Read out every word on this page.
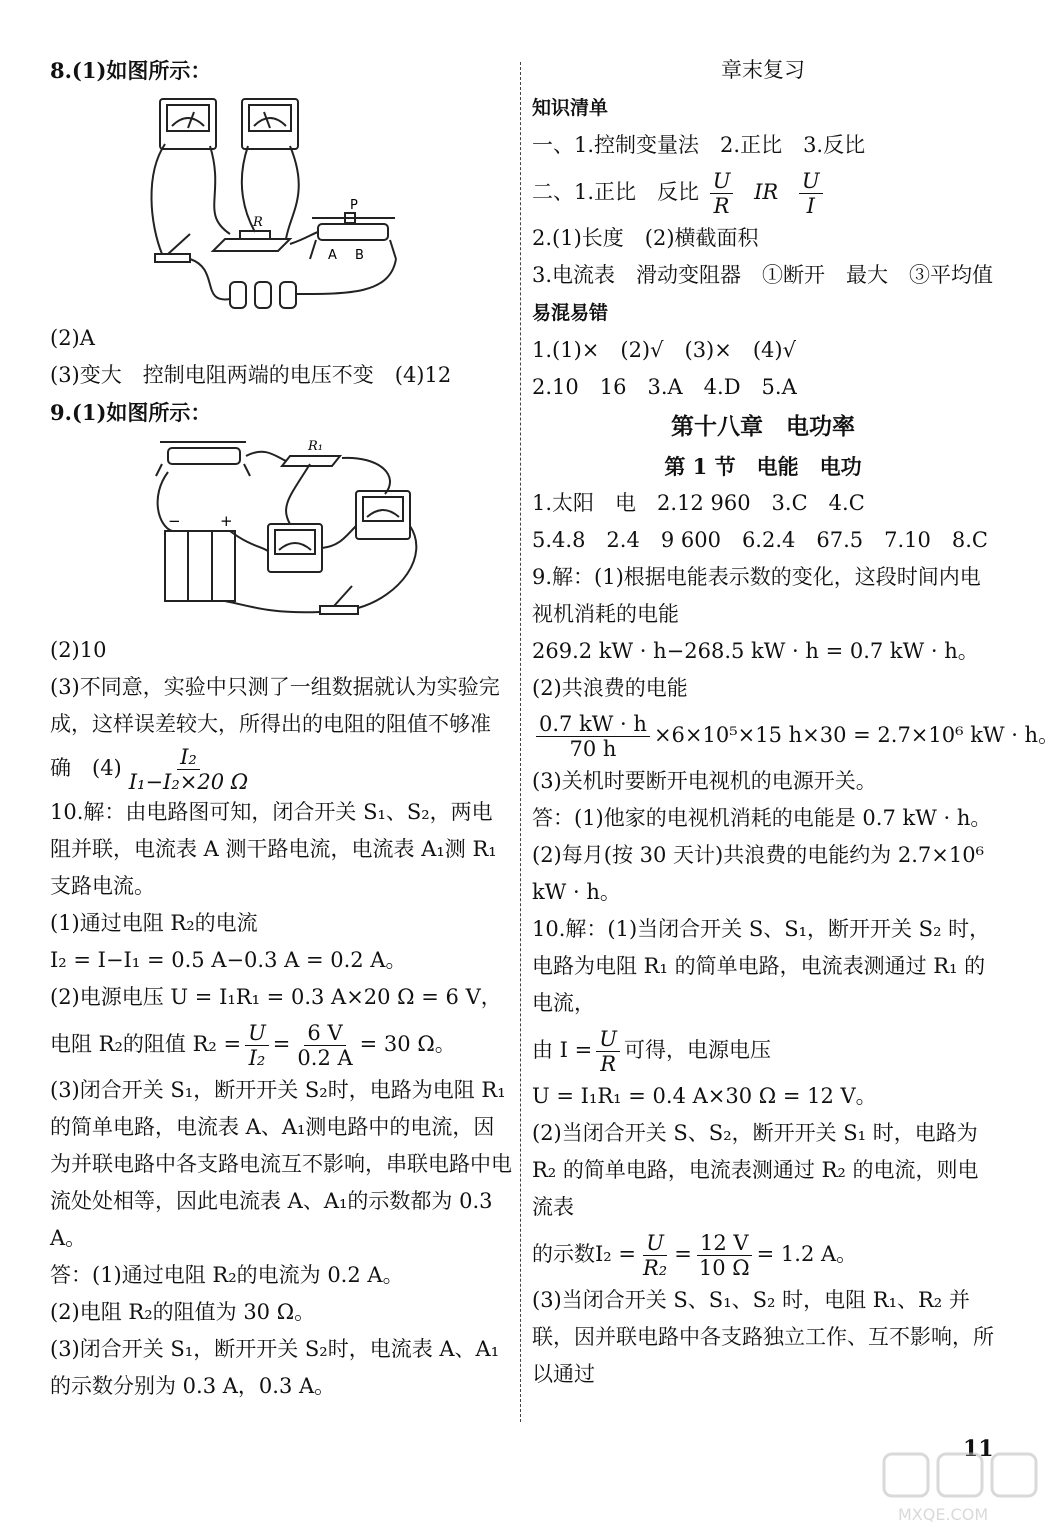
8.(1)如图所示：
P
R
A B
(2)A
(3)变大　控制电阻两端的电压不变　(4)12
9.(1)如图所示：
R₁
−	+
(2)10
(3)不同意，实验中只测了一组数据就认为实验完成，这样误差较大，所得出的电阻的阻值不够准
确　$(4) \frac{\text{I₂}}{\text{I₁−I₂×20 Ω}}$
10.解：由电路图可知，闭合开关 S₁、S₂，两电阻并联，电流表 A 测干路电流，电流表 A₁测 R₁ 支路电流。
(1)通过电阻 R₂的电流
I₂ = I−I₁ = 0.5 A−0.3 A = 0.2 A。
(2)电源电压 U = I₁R₁ = 0.3 A×20 Ω = 6 V，
电阻 R₂的阻值 $R_2 = \frac{U}{\text{I₂}} = \frac{6 V}{0.2 A} = 30$ Ω。
(3)闭合开关 S₁，断开开关 S₂时，电路为电阻 R₁的简单电路，电流表 A、A₁测电路中的电流，因为并联电路中各支路电流互不影响，串联电路中电流处处相等，因此电流表 A、A₁的示数都为 0.3 A。
答：(1)通过电阻 R₂的电流为 0.2 A。
(2)电阻 R₂的阻值为 30 Ω。
(3)闭合开关 S₁，断开开关 S₂时，电流表 A、A₁的示数分别为 0.3 A，0.3 A。
章末复习
知识清单
一、1.控制变量法　2.正比　3.反比
二、1.正比　反比 $\frac{U}{R}$ IR $\frac{U}{I}$
2.(1)长度　(2)横截面积
3.电流表　滑动变阻器　①断开　最大　③平均值
易混易错
1.(1)×　(2)√　(3)×　(4)√
2.10　16　3.A　4.D　5.A
第十八章　电功率
第 1 节　电能　电功
1.太阳　电　2.12 960　3.C　4.C
5.4.8　2.4　9 600　6.2.4　67.5　7.10　8.C
9.解：(1)根据电能表示数的变化，这段时间内电视机消耗的电能
269.2 kW · h−268.5 kW · h = 0.7 kW · h。
(2)共浪费的电能
$\frac{0.7 kW \cdot h}{70 h} \times 6\times 10^5\times 15$ h×30 = 2.7×10⁶ kW · h。
(3)关机时要断开电视机的电源开关。
答：(1)他家的电视机消耗的电能是 0.7 kW · h。
(2)每月(按 30 天计)共浪费的电能约为 2.7×10⁶ kW · h。
10.解：(1)当闭合开关 S、S₁，断开开关 S₂ 时，电路为电阻 R₁ 的简单电路，电流表测通过 R₁ 的电流，
由 $I = \frac{U}{R}$ 可得，电源电压
U = I₁R₁ = 0.4 A×30 Ω = 12 V。
(2)当闭合开关 S、S₂，断开开关 S₁ 时，电路为 R₂ 的简单电路，电流表测通过 R₂ 的电流，则电流表
的示数$I_2 = \frac{U}{\text{R₂}} = \frac{12 V}{10 \Omega} = 1.2$ A。
(3)当闭合开关 S、S₁、S₂ 时，电阻 R₁、R₂ 并联，因并联电路中各支路独立工作、互不影响，所以通过
11
MXQE.COM
